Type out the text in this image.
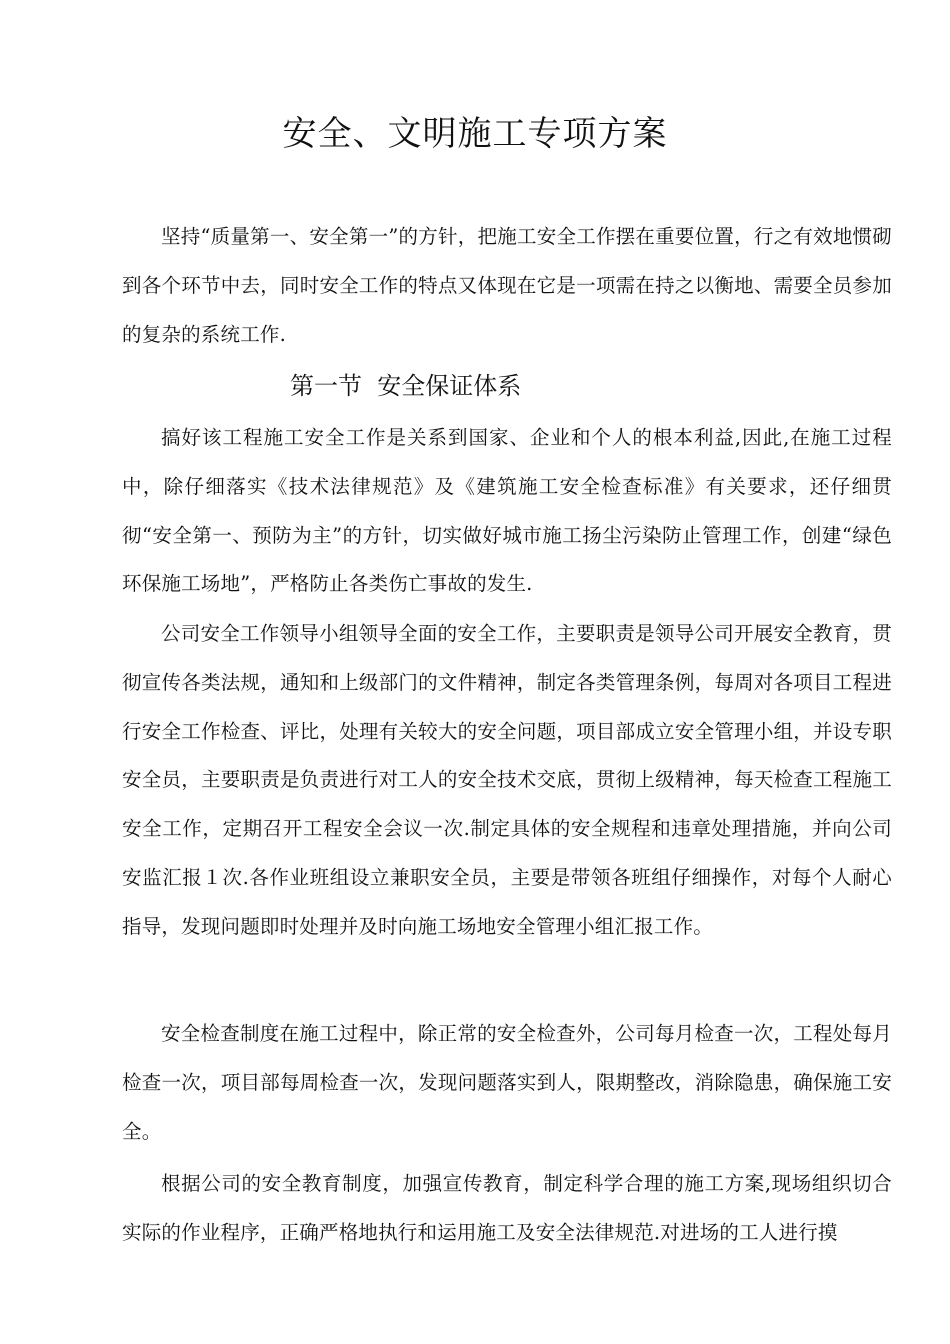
安全、文明施工专项方案

坚持“质量第一、安全第一”的方针，把施工安全工作摆在重要位置，行之有效地惯砌到各个环节中去，同时安全工作的特点又体现在它是一项需在持之以衡地、需要全员参加的复杂的系统工作.

第一节  安全保证体系

搞好该工程施工安全工作是关系到国家、企业和个人的根本利益,因此,在施工过程中，除仔细落实《技术法律规范》及《建筑施工安全检查标准》有关要求，还仔细贯彻“安全第一、预防为主”的方针，切实做好城市施工扬尘污染防止管理工作，创建“绿色环保施工场地”，严格防止各类伤亡事故的发生.

公司安全工作领导小组领导全面的安全工作，主要职责是领导公司开展安全教育，贯彻宣传各类法规，通知和上级部门的文件精神，制定各类管理条例，每周对各项目工程进行安全工作检查、评比，处理有关较大的安全问题，项目部成立安全管理小组，并设专职安全员，主要职责是负责进行对工人的安全技术交底，贯彻上级精神，每天检查工程施工安全工作，定期召开工程安全会议一次.制定具体的安全规程和违章处理措施，并向公司安监汇报１次.各作业班组设立兼职安全员，主要是带领各班组仔细操作，对每个人耐心指导，发现问题即时处理并及时向施工场地安全管理小组汇报工作。

安全检查制度在施工过程中，除正常的安全检查外，公司每月检查一次，工程处每月检查一次，项目部每周检查一次，发现问题落实到人，限期整改，消除隐患，确保施工安全。

根据公司的安全教育制度，加强宣传教育，制定科学合理的施工方案,现场组织切合实际的作业程序，正确严格地执行和运用施工及安全法律规范.对进场的工人进行摸
